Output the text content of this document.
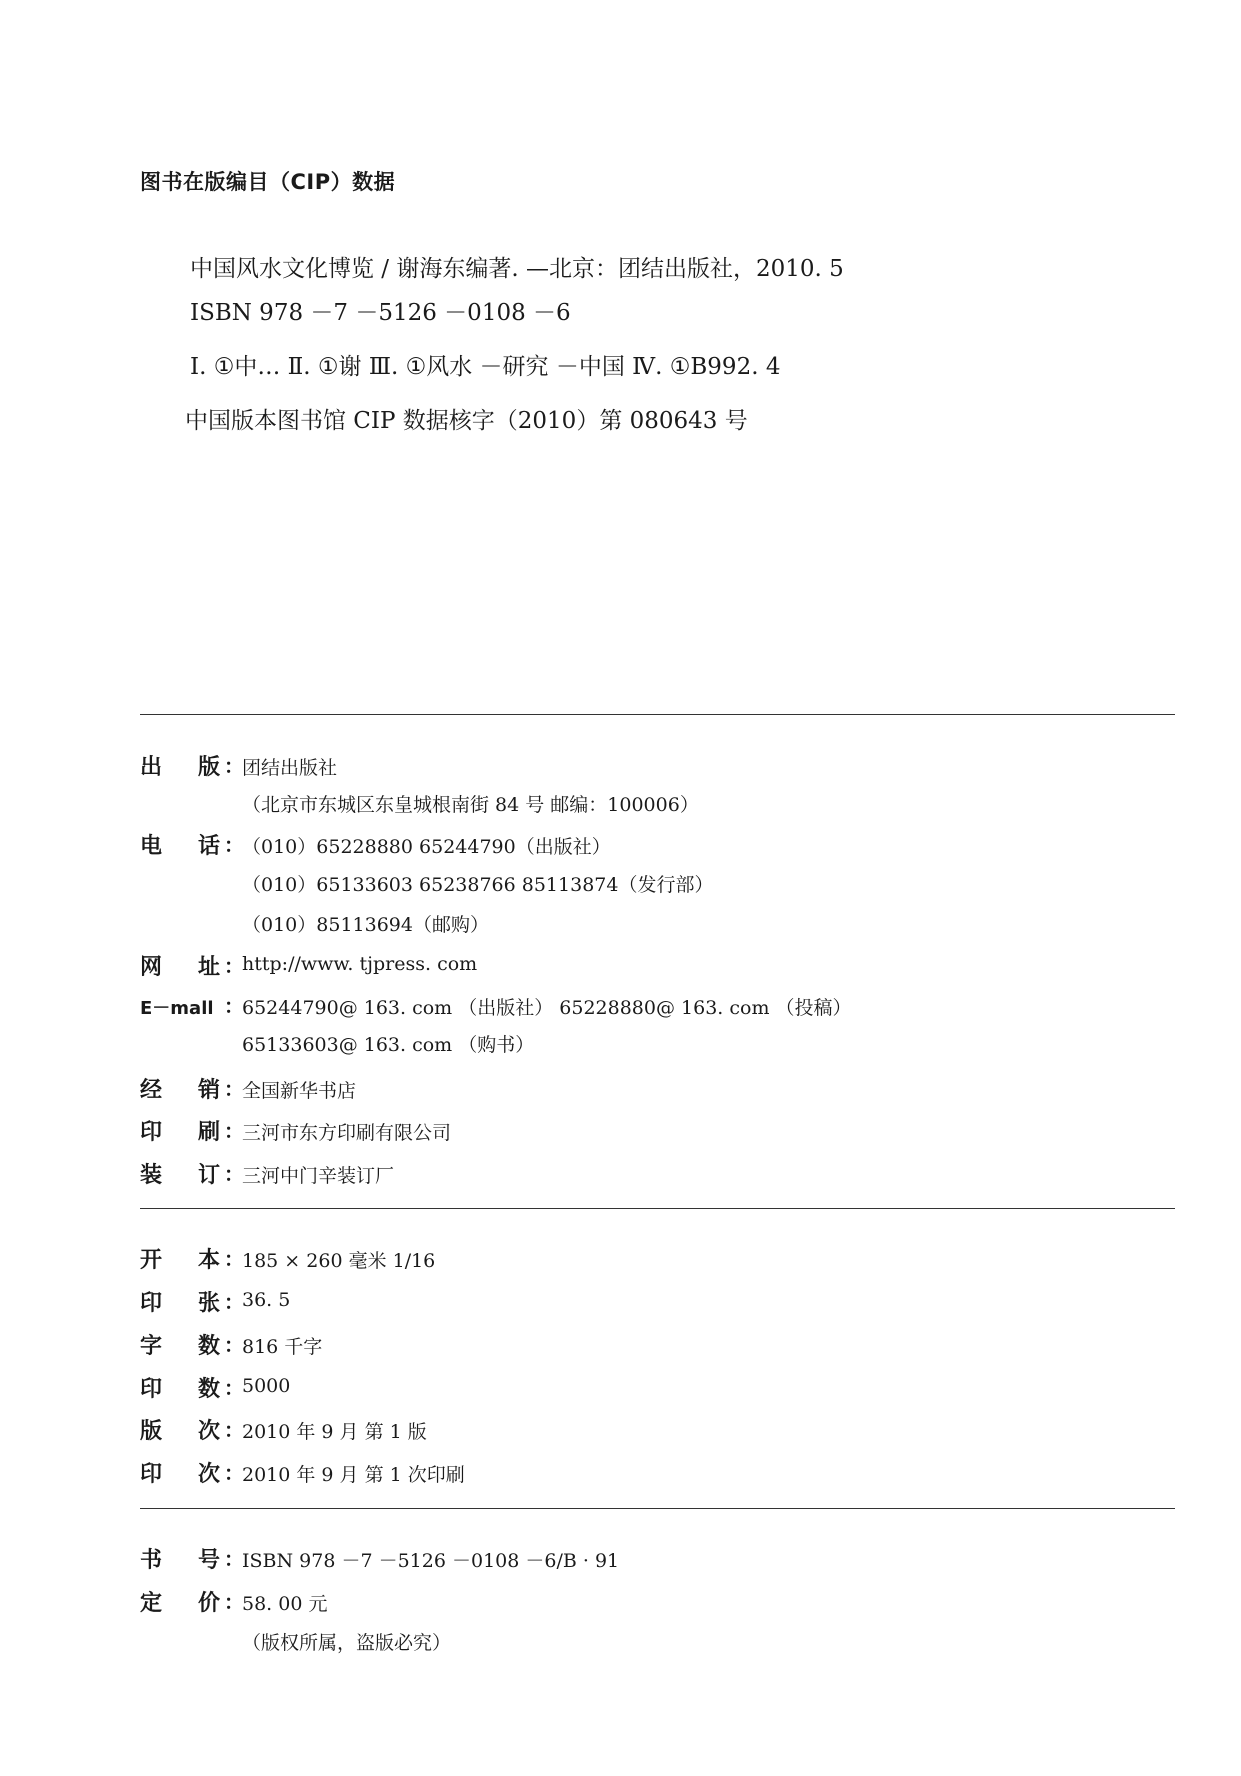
图书在版编目（CIP）数据
中国风水文化博览 / 谢海东编著. —北京：团结出版社，2010. 5
ISBN 978 －7 －5126 －0108 －6
Ⅰ. ①中… Ⅱ. ①谢 Ⅲ. ①风水 －研究 －中国 Ⅳ. ①B992. 4
中国版本图书馆 CIP 数据核字（2010）第 080643 号
出 版 ：
团结出版社
（北京市东城区东皇城根南街 84 号 邮编：100006）
电 话 ：
（010）65228880 65244790（出版社）
（010）65133603 65238766 85113874（发行部）
（010）85113694（邮购）
网 址 ：
http://www. tjpress. com
E－mall ：
65244790@ 163. com （出版社） 65228880@ 163. com （投稿）
65133603@ 163. com （购书）
经 销 ：
全国新华书店
印 刷 ：
三河市东方印刷有限公司
装 订 ：
三河中门辛装订厂
开 本 ：
185 × 260 毫米 1/16
印 张 ：
36. 5
字 数 ：
816 千字
印 数 ：
5000
版 次 ：
2010 年 9 月 第 1 版
印 次 ：
2010 年 9 月 第 1 次印刷
书 号 ：
ISBN 978 －7 －5126 －0108 －6/B · 91
定 价 ：
58. 00 元
（版权所属，盗版必究）
